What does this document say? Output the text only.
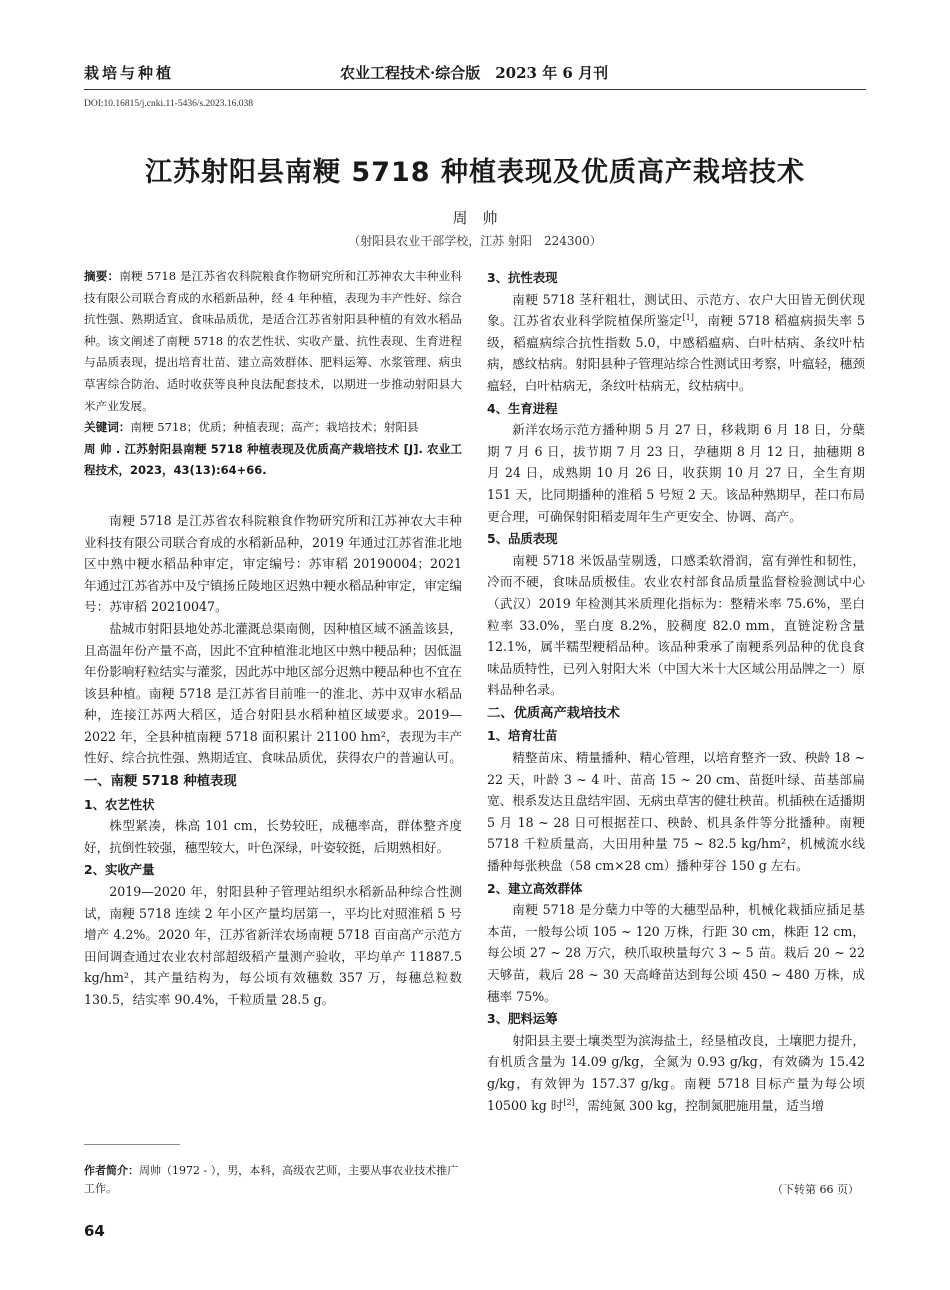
栽培与种植	农业工程技术·综合版　2023 年 6 月刊
DOI:10.16815/j.cnki.11-5436/s.2023.16.038
江苏射阳县南粳 5718 种植表现及优质高产栽培技术
周　帅
（射阳县农业干部学校，江苏 射阳　224300）

摘要：南粳 5718 是江苏省农科院粮食作物研究所和江苏神农大丰种业科技有限公司联合育成的水稻新品种，经 4 年种植，表现为丰产性好、综合抗性强、熟期适宜、食味品质优，是适合江苏省射阳县种植的有效水稻品种。该文阐述了南粳 5718 的农艺性状、实收产量、抗性表现、生育进程与品质表现，提出培育壮苗、建立高效群体、肥料运筹、水浆管理、病虫草害综合防治、适时收获等良种良法配套技术，以期进一步推动射阳县大米产业发展。

关键词：南粳 5718；优质；种植表现；高产；栽培技术；射阳县

周 帅 . 江苏射阳县南粳 5718 种植表现及优质高产栽培技术 [J]. 农业工程技术，2023，43(13):64+66.

南粳 5718 是江苏省农科院粮食作物研究所和江苏神农大丰种业科技有限公司联合育成的水稻新品种，2019 年通过江苏省淮北地区中熟中粳水稻品种审定，审定编号：苏审稻 20190004；2021 年通过江苏省苏中及宁镇扬丘陵地区迟熟中粳水稻品种审定，审定编号：苏审稻 20210047。

盐城市射阳县地处苏北灌溉总渠南侧，因种植区域不涵盖该县，且高温年份产量不高，因此不宜种植淮北地区中熟中粳品种；因低温年份影响籽粒结实与灌浆，因此苏中地区部分迟熟中粳品种也不宜在该县种植。南粳 5718 是江苏省目前唯一的淮北、苏中双审水稻品种，连接江苏两大稻区，适合射阳县水稻种植区域要求。2019—2022 年，全县种植南粳 5718 面积累计 21100 hm²，表现为丰产性好、综合抗性强、熟期适宜、食味品质优，获得农户的普遍认可。

一、南粳 5718 种植表现

1、农艺性状

株型紧凑，株高 101 cm，长势较旺，成穗率高，群体整齐度好，抗倒性较强，穗型较大，叶色深绿，叶姿较挺，后期熟相好。

2、实收产量

2019—2020 年，射阳县种子管理站组织水稻新品种综合性测试，南粳 5718 连续 2 年小区产量均居第一，平均比对照淮稻 5 号增产 4.2%。2020 年，江苏省新洋农场南粳 5718 百亩高产示范方田间调查通过农业农村部超级稻产量测产验收，平均单产 11887.5 kg/hm²，其产量结构为，每公顷有效穗数 357 万，每穗总粒数 130.5，结实率 90.4%，千粒质量 28.5 g。

3、抗性表现

南粳 5718 茎秆粗壮，测试田、示范方、农户大田皆无倒伏现象。江苏省农业科学院植保所鉴定[1]，南粳 5718 稻瘟病损失率 5 级，稻瘟病综合抗性指数 5.0，中感稻瘟病、白叶枯病、条纹叶枯病，感纹枯病。射阳县种子管理站综合性测试田考察，叶瘟轻，穗颈瘟轻，白叶枯病无，条纹叶枯病无，纹枯病中。

4、生育进程

新洋农场示范方播种期 5 月 27 日，移栽期 6 月 18 日，分蘖期 7 月 6 日，拔节期 7 月 23 日，孕穗期 8 月 12 日，抽穗期 8 月 24 日，成熟期 10 月 26 日，收获期 10 月 27 日，全生育期 151 天，比同期播种的淮稻 5 号短 2 天。该品种熟期早，茬口布局更合理，可确保射阳稻麦周年生产更安全、协调、高产。

5、品质表现

南粳 5718 米饭晶莹剔透，口感柔软滑润，富有弹性和韧性，冷而不硬，食味品质极佳。农业农村部食品质量监督检验测试中心（武汉）2019 年检测其米质理化指标为：整精米率 75.6%，垩白粒率 33.0%，垩白度 8.2%，胶稠度 82.0 mm，直链淀粉含量 12.1%，属半糯型粳稻品种。该品种秉承了南粳系列品种的优良食味品质特性，已列入射阳大米（中国大米十大区域公用品牌之一）原料品种名录。

二、优质高产栽培技术

1、培育壮苗

精整苗床、精量播种、精心管理，以培育整齐一致、秧龄 18 ~ 22 天，叶龄 3 ~ 4 叶、苗高 15 ~ 20 cm、苗挺叶绿、苗基部扁宽、根系发达且盘结牢固、无病虫草害的健壮秧苗。机插秧在适播期 5 月 18 ~ 28 日可根据茬口、秧龄、机具条件等分批播种。南粳 5718 千粒质量高，大田用种量 75 ~ 82.5 kg/hm²，机械流水线播种每张秧盘（58 cm×28 cm）播种芽谷 150 g 左右。

2、建立高效群体

南粳 5718 是分蘖力中等的大穗型品种，机械化栽插应插足基本苗，一般每公顷 105 ~ 120 万株，行距 30 cm，株距 12 cm，每公顷 27 ~ 28 万穴，秧爪取秧量每穴 3 ~ 5 苗。栽后 20 ~ 22 天够苗，栽后 28 ~ 30 天高峰苗达到每公顷 450 ~ 480 万株，成穗率 75%。

3、肥料运筹

射阳县主要土壤类型为滨海盐土，经垦植改良，土壤肥力提升，有机质含量为 14.09 g/kg，全氮为 0.93 g/kg，有效磷为 15.42 g/kg，有效钾为 157.37 g/kg。南粳 5718 目标产量为每公顷 10500 kg 时[2]，需纯氮 300 kg，控制氮肥施用量，适当增

（下转第 66 页）
作者简介：周帅（1972 - ），男，本科，高级农艺师，主要从事农业技术推广工作。
64
